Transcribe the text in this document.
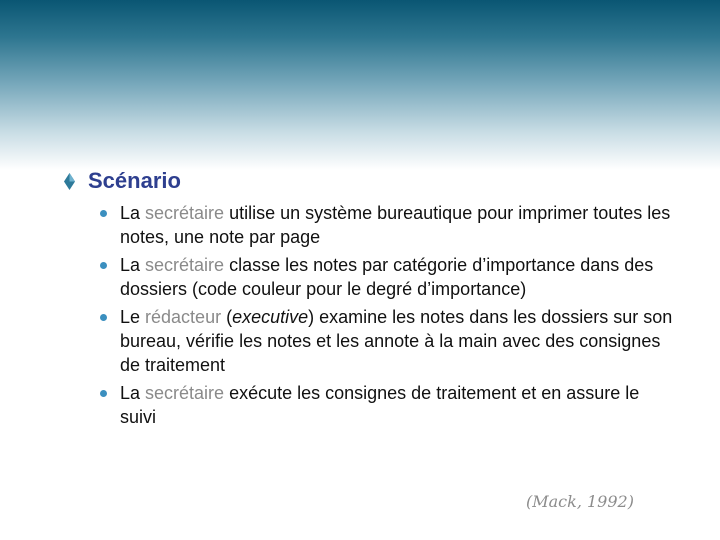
Scénario
La secrétaire utilise un système bureautique pour imprimer toutes les notes, une note par page
La secrétaire classe les notes par catégorie d’importance dans des dossiers (code couleur pour le degré d’importance)
Le rédacteur (executive) examine les notes dans les dossiers sur son bureau, vérifie les notes et les annote à la main avec des consignes de traitement
La secrétaire exécute les consignes de traitement et en assure le suivi
(Mack, 1992)
